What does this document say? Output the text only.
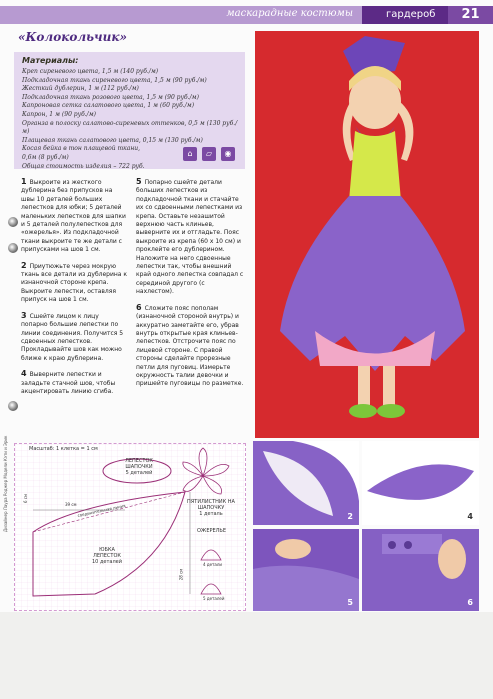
маскарадные костюмы	гардероб	21
«Колокольчик»
Материалы:
Креп сиреневого цвета, 1,5 м (140 руб./м)
Подкладочная ткань сиреневого цвета, 1,5 м (90 руб./м)
Жесткий дублерин, 1 м (112 руб./м)
Подкладочная ткань розового цвета, 1,5 м (90 руб./м)
Капроновая сетка салатового цвета, 1 м (60 руб./м)
Капрон, 1 м (90 руб./м)
Органза в полоску салатово-сиреневых оттенков, 0,5 м (130 руб./м)
Плащевая ткань салатового цвета, 0,15 м (130 руб./м)
Косая бейка в тон плащевой ткани,
0,6м (8 руб./м)
Общая стоимость изделия – 722 руб.
⌂	▱	◉

1 Выкроите из жесткого дублерина без припусков на швы 10 деталей больших лепестков для юбки; 5 деталей маленьких лепестков для шапки и 5 деталей полулепестков для «ожерелья». Из подкладочной ткани выкроите те же детали с припусками на шов 1 см.

2 Приутюжьте через мокрую ткань все детали из дублерина к изнаночной стороне крепа. Выкроите лепестки, оставляя припуск на шов 1 см.

3 Сшейте лицом к лицу попарно большие лепестки по линии соединения. Получится 5 сдвоенных лепестков. Прокладывайте шов как можно ближе к краю дублерина.

4 Выверните лепестки и заладьте стачной шов, чтобы акцентировать линию сгиба.

5 Попарно сшейте детали больших лепестков из подкладочной ткани и стачайте их со сдвоенными лепестками из крепа. Оставьте незашитой верхнюю часть клиньев, выверните их и отгладьте. Пояс выкроите из крепа (60 х 10 см) и проклейте его дублерином. Наложите на него сдвоенные лепестки так, чтобы внешний край одного лепестка совпадал с серединой другого (с нахлестом).

6 Сложите пояс пополам (изнаночной стороной внутрь) и аккуратно заметайте его, убрав внутрь открытые края клиньев-лепестков. Отстрочите пояс по лицевой стороне. С правой стороны сделайте прорезные петли для пуговиц. Измерьте окружность талии девочки и пришейте пуговицы по разметке.

Масштаб: 1 клетка = 1 см
ЛЕПЕСТОК ШАПОЧКИ
5 деталей
ЮБКА ЛЕПЕСТОК
10 деталей
соединительная линия
ПЯТИЛИСТНИК НА ШАПОЧКУ
1 деталь
ОЖЕРЕЛЬЕ
4 детали
5 деталей
39 см
6 см
28 см
2	4
5	6
Дизайнер Лаура Роджер Модели Кэти и Эрик
